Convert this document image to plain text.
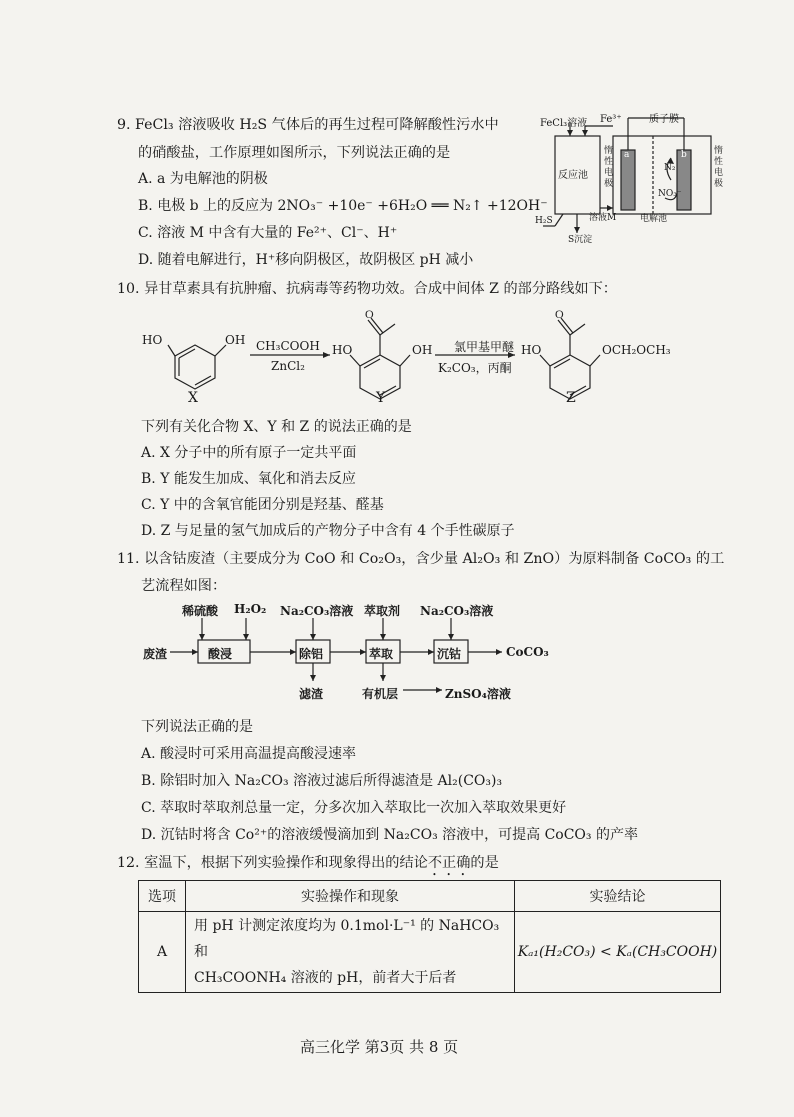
9. FeCl₃ 溶液吸收 H₂S 气体后的再生过程可降解酸性污水中
的硝酸盐，工作原理如图所示，下列说法正确的是
A. a 为电解池的阴极
B. 电极 b 上的反应为 2NO₃⁻ +10e⁻ +6H₂O ══ N₂↑ +12OH⁻
C. 溶液 M 中含有大量的 Fe²⁺、Cl⁻、H⁺
D. 随着电解进行，H⁺移向阴极区，故阴极区 pH 减小
FeCl₃溶液 Fe³⁺	质子膜
反应池
惰性电极
惰性电极
a	b
N₂
NO₃⁻
H₂S	溶液M	电解池
S沉淀
10. 异甘草素具有抗肿瘤、抗病毒等药物功效。合成中间体 Z 的部分路线如下：
O	O
HO	OH CH₃COOH
ZnCl₂
HO	OH 氯甲基甲醚
K₂CO₃，丙酮
HO	OCH₂OCH₃
X	Y	Z
下列有关化合物 X、Y 和 Z 的说法正确的是
A. X 分子中的所有原子一定共平面
B. Y 能发生加成、氧化和消去反应
C. Y 中的含氧官能团分别是羟基、醛基
D. Z 与足量的氢气加成后的产物分子中含有 4 个手性碳原子
11. 以含钴废渣（主要成分为 CoO 和 Co₂O₃，含少量 Al₂O₃ 和 ZnO）为原料制备 CoCO₃ 的工
艺流程如图：
稀硫酸 H₂O₂ Na₂CO₃溶液 萃取剂 Na₂CO₃溶液
废渣	酸浸	除铝	萃取	沉钴	CoCO₃
滤渣	有机层	ZnSO₄溶液
下列说法正确的是
A. 酸浸时可采用高温提高酸浸速率
B. 除铝时加入 Na₂CO₃ 溶液过滤后所得滤渣是 Al₂(CO₃)₃
C. 萃取时萃取剂总量一定，分多次加入萃取比一次加入萃取效果更好
D. 沉钴时将含 Co²⁺的溶液缓慢滴加到 Na₂CO₃ 溶液中，可提高 CoCO₃ 的产率
12. 室温下，根据下列实验操作和现象得出的结论不正确的是
选项	实验操作和现象	实验结论
A	用 pH 计测定浓度均为 0.1mol·L⁻¹ 的 NaHCO₃ 和
CH₃COONH₄ 溶液的 pH，前者大于后者	Kₐ₁(H₂CO₃) < Kₐ(CH₃COOH)
高三化学 第3页 共 8 页
